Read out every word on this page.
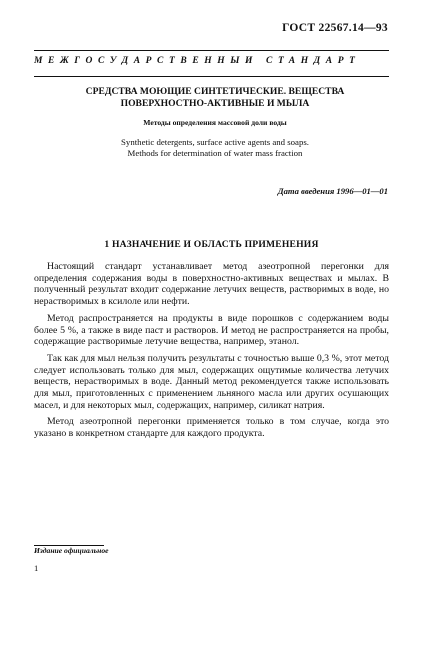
ГОСТ 22567.14—93
МЕЖГОСУДАРСТВЕННЫЙ СТАНДАРТ
СРЕДСТВА МОЮЩИЕ СИНТЕТИЧЕСКИЕ. ВЕЩЕСТВА
ПОВЕРХНОСТНО-АКТИВНЫЕ И МЫЛА
Методы определения массовой доли воды
Synthetic detergents, surface active agents and soaps.
Methods for determination of water mass fraction
Дата введения 1996—01—01
1 НАЗНАЧЕНИЕ И ОБЛАСТЬ ПРИМЕНЕНИЯ

Настоящий стандарт устанавливает метод азеотропной перегонки для определения содержания воды в поверхностно-активных веществах и мылах. В полученный результат входит содержание летучих веществ, растворимых в воде, но нерастворимых в ксилоле или нефти.

Метод распространяется на продукты в виде порошков с содержанием воды более 5 %, а также в виде паст и растворов. И метод не распространяется на пробы, содержащие растворимые летучие вещества, например, этанол.

Так как для мыл нельзя получить результаты с точностью выше 0,3 %, этот метод следует использовать только для мыл, содержащих ощутимые количества летучих веществ, нерастворимых в воде. Данный метод рекомендуется также использовать для мыл, приготовленных с применением льняного масла или других осушающих масел, и для некоторых мыл, содержащих, например, силикат натрия.

Метод азеотропной перегонки применяется только в том случае, когда это указано в конкретном стандарте для каждого продукта.

Издание официальное
1
